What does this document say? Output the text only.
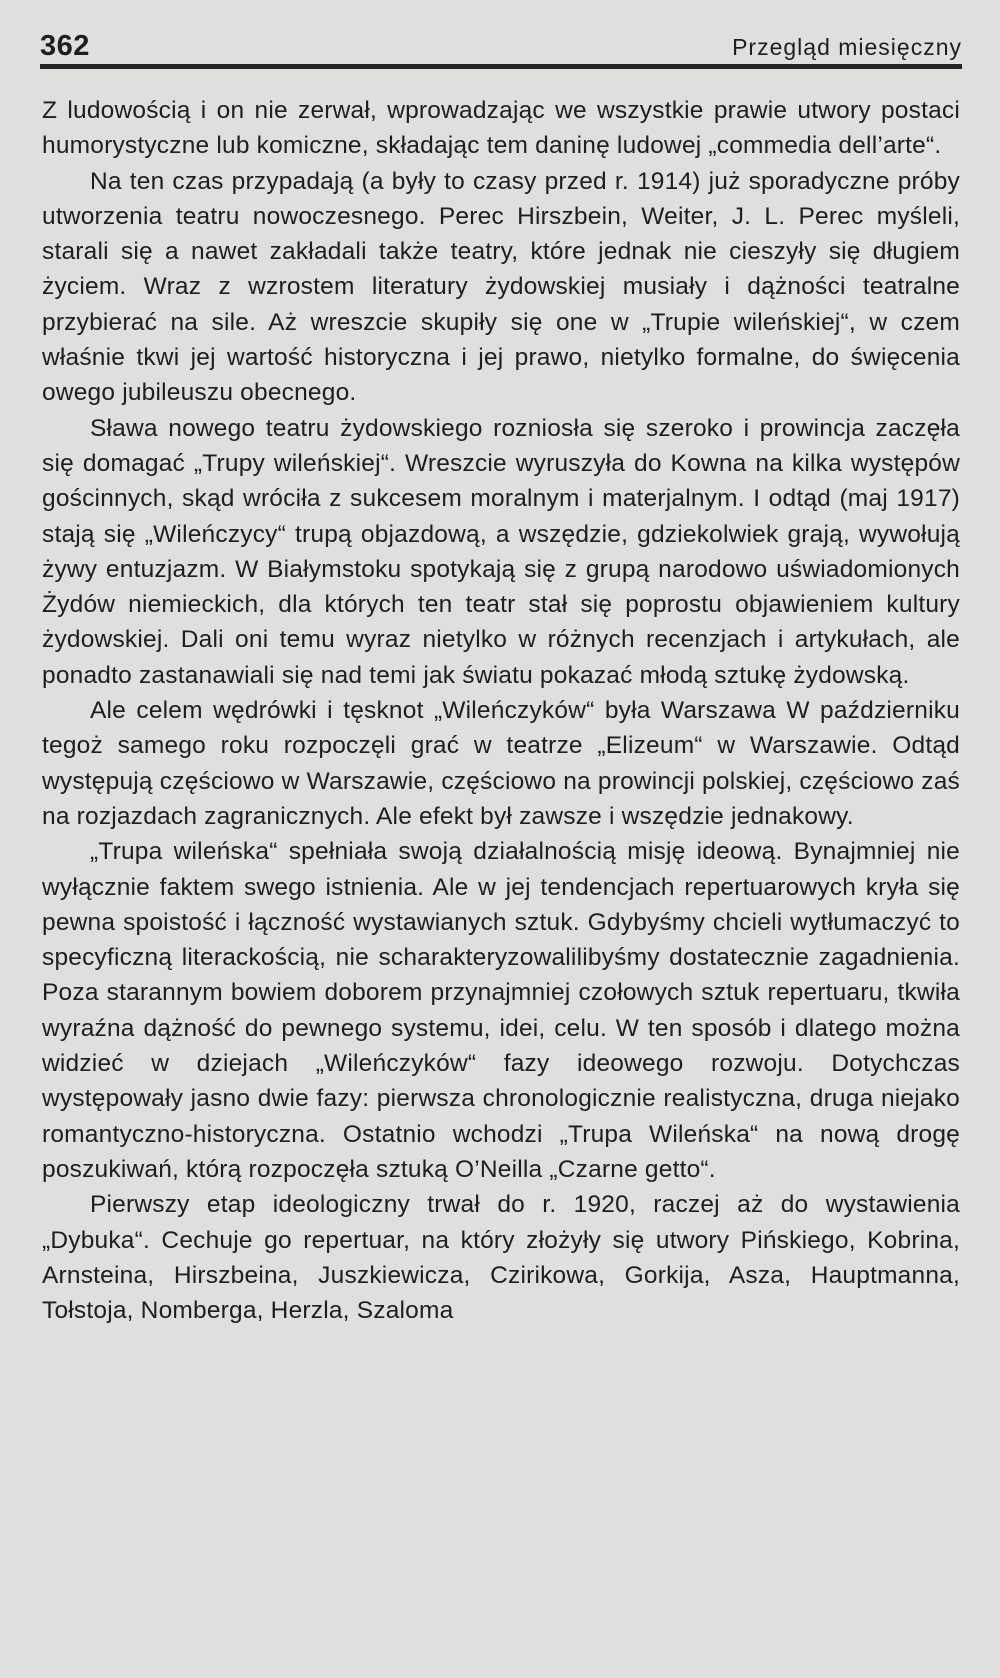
362	Przegląd miesięczny

Z ludowością i on nie zerwał, wprowadzając we wszystkie prawie utwory postaci humorystyczne lub komiczne, składając tem daninę ludowej „commedia dell’arte“.

Na ten czas przypadają (a były to czasy przed r. 1914) już sporadyczne próby utworzenia teatru nowoczesnego. Perec Hirszbein, Weiter, J. L. Perec myśleli, starali się a nawet zakładali także teatry, które jednak nie cieszyły się długiem życiem. Wraz z wzrostem literatury żydowskiej musiały i dążności teatralne przybierać na sile. Aż wreszcie skupiły się one w „Trupie wileńskiej“, w czem właśnie tkwi jej wartość historyczna i jej prawo, nietylko formalne, do święcenia owego jubileuszu obecnego.

Sława nowego teatru żydowskiego rozniosła się szeroko i prowincja zaczęła się domagać „Trupy wileńskiej“. Wreszcie wyruszyła do Kowna na kilka występów gościnnych, skąd wróciła z sukcesem moralnym i materjalnym. I odtąd (maj 1917) stają się „Wileńczycy“ trupą objazdową, a wszędzie, gdziekolwiek grają, wywołują żywy entuzjazm. W Białymstoku spotykają się z grupą narodowo uświadomionych Żydów niemieckich, dla których ten teatr stał się poprostu objawieniem kultury żydowskiej. Dali oni temu wyraz nietylko w różnych recenzjach i artykułach, ale ponadto zastanawiali się nad temi jak światu pokazać młodą sztukę żydowską.

Ale celem wędrówki i tęsknot „Wileńczyków“ była Warszawa W październiku tegoż samego roku rozpoczęli grać w teatrze „Elizeum“ w Warszawie. Odtąd występują częściowo w Warszawie, częściowo na prowincji polskiej, częściowo zaś na rozjazdach zagranicznych. Ale efekt był zawsze i wszędzie jednakowy.

„Trupa wileńska“ spełniała swoją działalnością misję ideową. Bynajmniej nie wyłącznie faktem swego istnienia. Ale w jej tendencjach repertuarowych kryła się pewna spoistość i łączność wystawianych sztuk. Gdybyśmy chcieli wytłumaczyć to specyficzną literackością, nie scharakteryzowalilibyśmy dostatecznie zagadnienia. Poza starannym bowiem doborem przynajmniej czołowych sztuk repertuaru, tkwiła wyraźna dążność do pewnego systemu, idei, celu. W ten sposób i dlatego można widzieć w dziejach „Wileńczyków“ fazy ideowego rozwoju. Dotychczas występowały jasno dwie fazy: pierwsza chronologicznie realistyczna, druga niejako romantyczno-historyczna. Ostatnio wchodzi „Trupa Wileńska“ na nową drogę poszukiwań, którą rozpoczęła sztuką O’Neilla „Czarne getto“.

Pierwszy etap ideologiczny trwał do r. 1920, raczej aż do wystawienia „Dybuka“. Cechuje go repertuar, na który złożyły się utwory Pińskiego, Kobrina, Arnsteina, Hirszbeina, Juszkiewicza, Czirikowa, Gorkija, Asza, Hauptmanna, Tołstoja, Nomberga, Herzla, Szaloma
